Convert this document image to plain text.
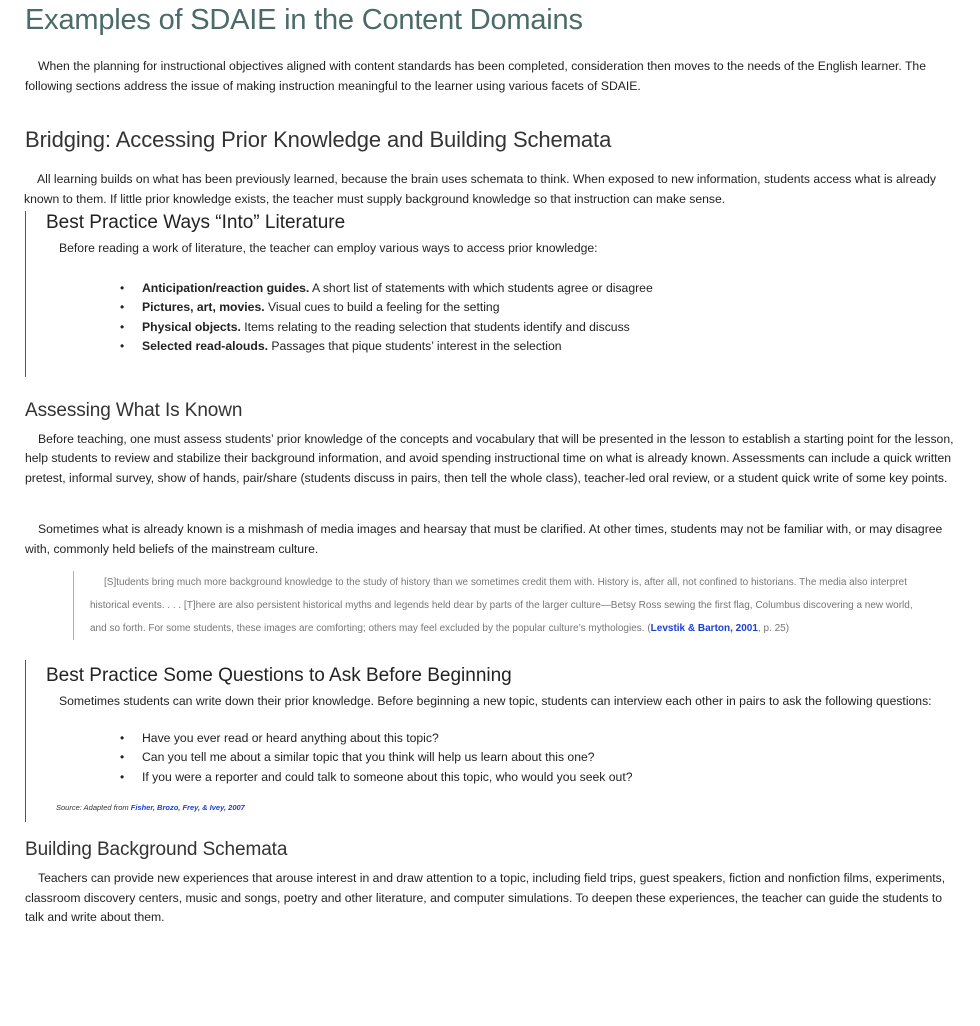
Examples of SDAIE in the Content Domains

When the planning for instructional objectives aligned with content standards has been completed, consideration then moves to the needs of the English learner. The following sections address the issue of making instruction meaningful to the learner using various facets of SDAIE.

Bridging: Accessing Prior Knowledge and Building Schemata

All learning builds on what has been previously learned, because the brain uses schemata to think. When exposed to new information, students access what is already known to them. If little prior knowledge exists, the teacher must supply background knowledge so that instruction can make sense.

Best Practice Ways “Into” Literature

Before reading a work of literature, the teacher can employ various ways to access prior knowledge:

• Anticipation/reaction guides. A short list of statements with which students agree or disagree
• Pictures, art, movies. Visual cues to build a feeling for the setting
• Physical objects. Items relating to the reading selection that students identify and discuss
• Selected read-alouds. Passages that pique students’ interest in the selection
Assessing What Is Known

Before teaching, one must assess students’ prior knowledge of the concepts and vocabulary that will be presented in the lesson to establish a starting point for the lesson, help students to review and stabilize their background information, and avoid spending instructional time on what is already known. Assessments can include a quick written pretest, informal survey, show of hands, pair/share (students discuss in pairs, then tell the whole class), teacher-led oral review, or a student quick write of some key points.

Sometimes what is already known is a mishmash of media images and hearsay that must be clarified. At other times, students may not be familiar with, or may disagree with, commonly held beliefs of the mainstream culture.

[S]tudents bring much more background knowledge to the study of history than we sometimes credit them with. History is, after all, not confined to historians. The media also interpret historical events. . . . [T]here are also persistent historical myths and legends held dear by parts of the larger culture—Betsy Ross sewing the first flag, Columbus discovering a new world, and so forth. For some students, these images are comforting; others may feel excluded by the popular culture’s mythologies. (Levstik & Barton, 2001, p. 25)

Best Practice Some Questions to Ask Before Beginning

Sometimes students can write down their prior knowledge. Before beginning a new topic, students can interview each other in pairs to ask the following questions:

• Have you ever read or heard anything about this topic?
• Can you tell me about a similar topic that you think will help us learn about this one?
• If you were a reporter and could talk to someone about this topic, who would you seek out?
Source: Adapted from Fisher, Brozo, Frey, & Ivey, 2007
Building Background Schemata

Teachers can provide new experiences that arouse interest in and draw attention to a topic, including field trips, guest speakers, fiction and nonfiction films, experiments, classroom discovery centers, music and songs, poetry and other literature, and computer simulations. To deepen these experiences, the teacher can guide the students to talk and write about them.
